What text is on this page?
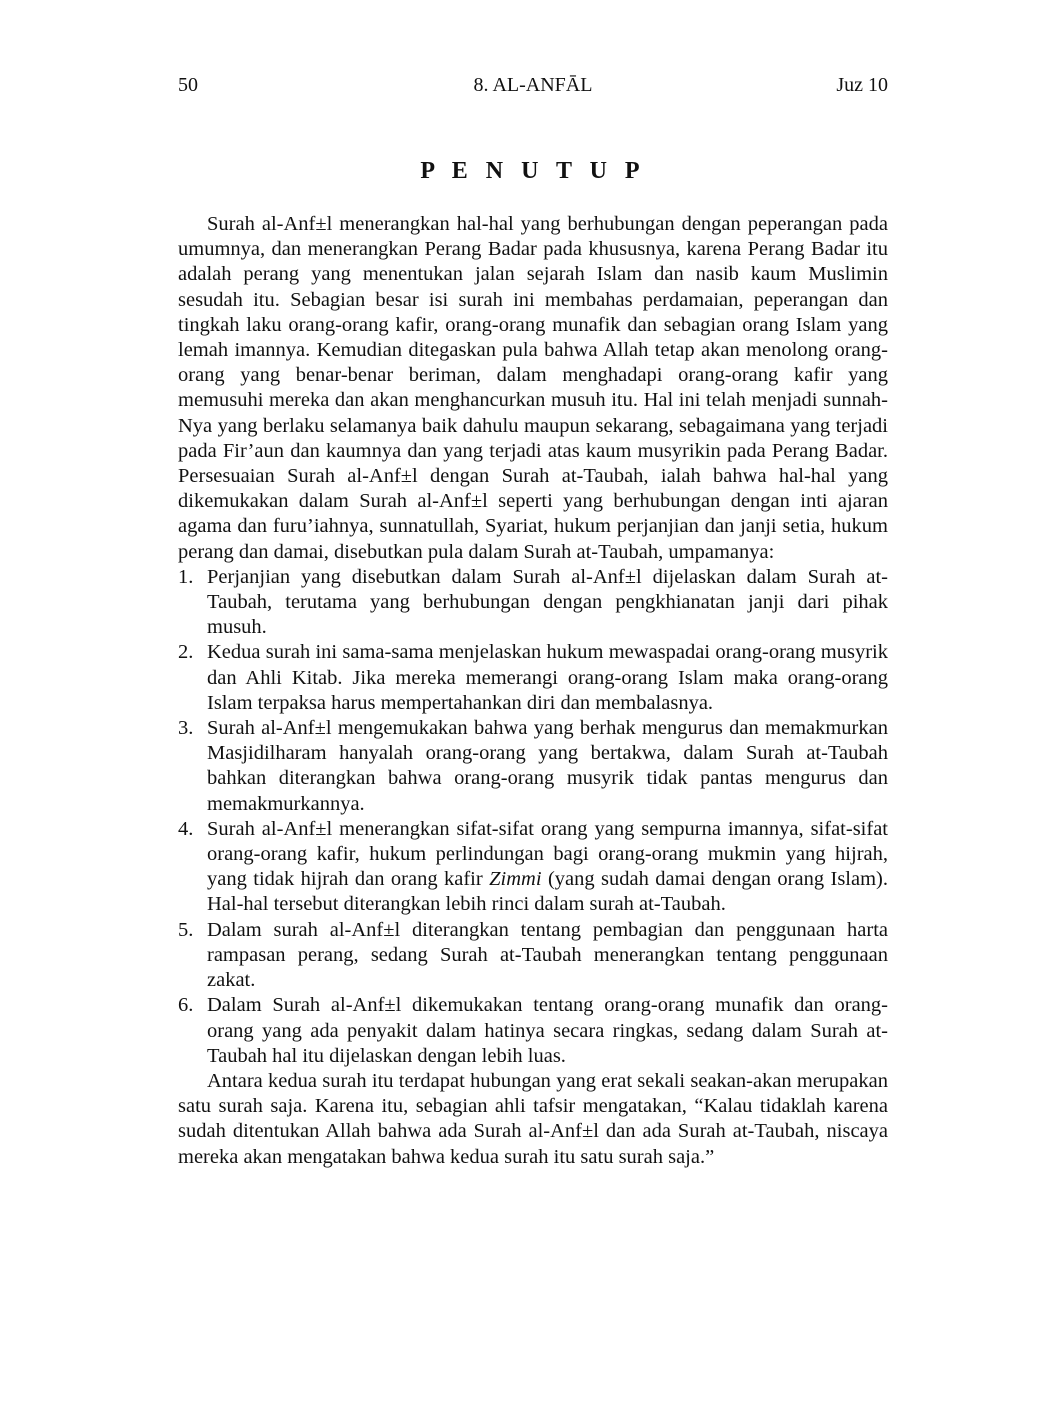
50	8. AL-ANFĀL	Juz 10
P E N U T U P

Surah al-Anf±l menerangkan hal-hal yang berhubungan dengan peperangan pada umumnya, dan menerangkan Perang Badar pada khususnya, karena Perang Badar itu adalah perang yang menentukan jalan sejarah Islam dan nasib kaum Muslimin sesudah itu. Sebagian besar isi surah ini membahas perdamaian, peperangan dan tingkah laku orang-orang kafir, orang-orang munafik dan sebagian orang Islam yang lemah imannya. Kemudian ditegaskan pula bahwa Allah tetap akan menolong orang-orang yang benar-benar beriman, dalam menghadapi orang-orang kafir yang memusuhi mereka dan akan menghancurkan musuh itu. Hal ini telah menjadi sunnah-Nya yang berlaku selamanya baik dahulu maupun sekarang, sebagaimana yang terjadi pada Fir’aun dan kaumnya dan yang terjadi atas kaum musyrikin pada Perang Badar. Persesuaian Surah al-Anf±l dengan Surah at-Taubah, ialah bahwa hal-hal yang dikemukakan dalam Surah al-Anf±l seperti yang berhubungan dengan inti ajaran agama dan furu’iahnya, sunnatullah, Syariat, hukum perjanjian dan janji setia, hukum perang dan damai, disebutkan pula dalam Surah at-Taubah, umpamanya:

1. Perjanjian yang disebutkan dalam Surah al-Anf±l dijelaskan dalam Surah at-Taubah, terutama yang berhubungan dengan pengkhianatan janji dari pihak musuh.
2. Kedua surah ini sama-sama menjelaskan hukum mewaspadai orang-orang musyrik dan Ahli Kitab. Jika mereka memerangi orang-orang Islam maka orang-orang Islam terpaksa harus mempertahankan diri dan membalasnya.
3. Surah al-Anf±l mengemukakan bahwa yang berhak mengurus dan memakmurkan Masjidilharam hanyalah orang-orang yang bertakwa, dalam Surah at-Taubah bahkan diterangkan bahwa orang-orang musyrik tidak pantas mengurus dan memakmurkannya.
4. Surah al-Anf±l menerangkan sifat-sifat orang yang sempurna imannya, sifat-sifat orang-orang kafir, hukum perlindungan bagi orang-orang mukmin yang hijrah, yang tidak hijrah dan orang kafir Zimmi (yang sudah damai dengan orang Islam). Hal-hal tersebut diterangkan lebih rinci dalam surah at-Taubah.
5. Dalam surah al-Anf±l diterangkan tentang pembagian dan penggunaan harta rampasan perang, sedang Surah at-Taubah menerangkan tentang penggunaan zakat.
6. Dalam Surah al-Anf±l dikemukakan tentang orang-orang munafik dan orang-orang yang ada penyakit dalam hatinya secara ringkas, sedang dalam Surah at-Taubah hal itu dijelaskan dengan lebih luas.

Antara kedua surah itu terdapat hubungan yang erat sekali seakan-akan merupakan satu surah saja. Karena itu, sebagian ahli tafsir mengatakan, “Kalau tidaklah karena sudah ditentukan Allah bahwa ada Surah al-Anf±l dan ada Surah at-Taubah, niscaya mereka akan mengatakan bahwa kedua surah itu satu surah saja.”
